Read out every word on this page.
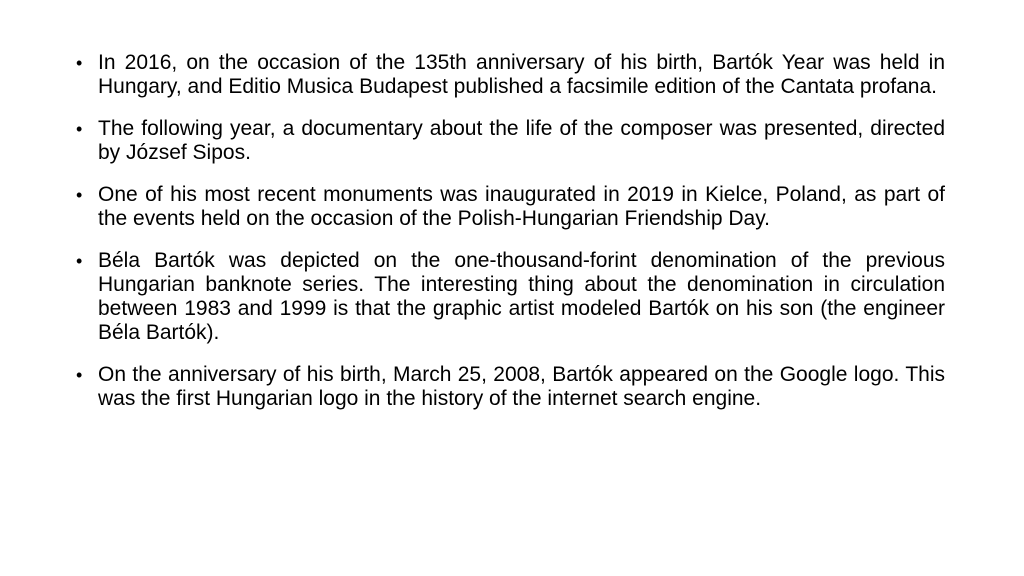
• In 2016, on the occasion of the 135th anniversary of his birth, Bartók Year was held in Hungary, and Editio Musica Budapest published a facsimile edition of the Cantata profana.
• The following year, a documentary about the life of the composer was presented, directed by József Sipos.
• One of his most recent monuments was inaugurated in 2019 in Kielce, Poland, as part of the events held on the occasion of the Polish-Hungarian Friendship Day.
• Béla Bartók was depicted on the one-thousand-forint denomination of the previous Hungarian banknote series. The interesting thing about the denomination in circulation between 1983 and 1999 is that the graphic artist modeled Bartók on his son (the engineer Béla Bartók).
• On the anniversary of his birth, March 25, 2008, Bartók appeared on the Google logo. This was the first Hungarian logo in the history of the internet search engine.
